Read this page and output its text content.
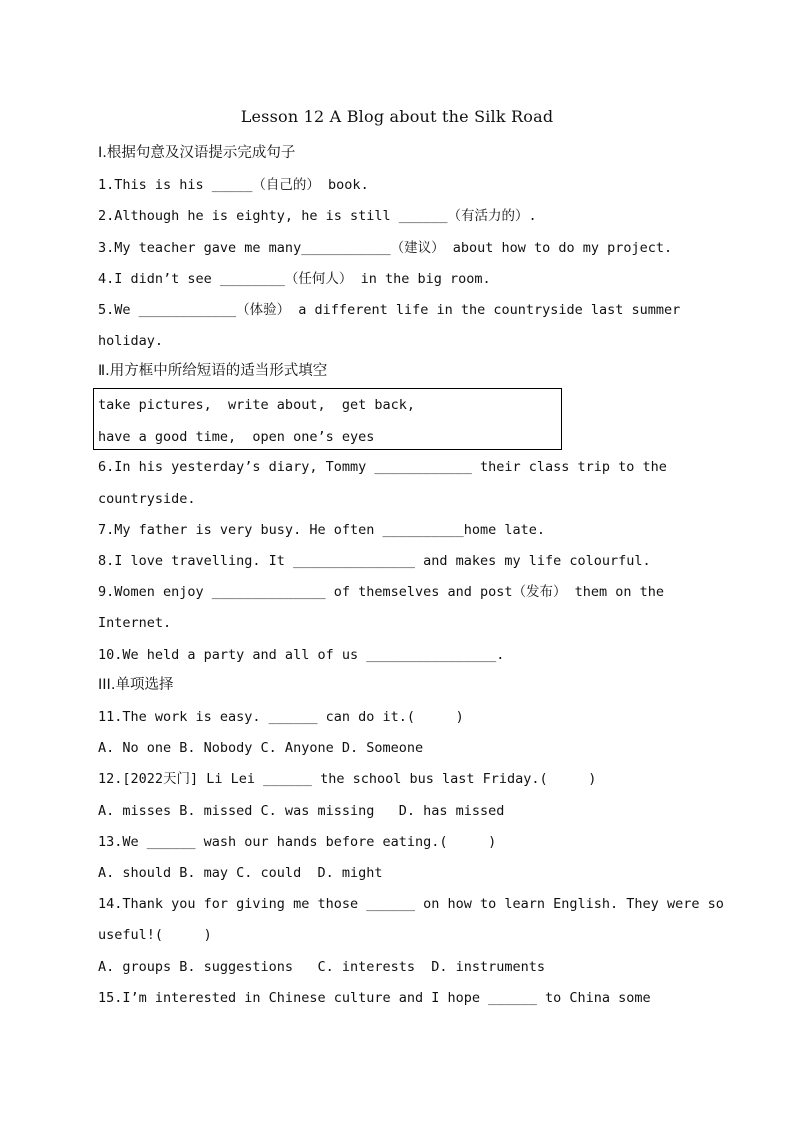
Lesson 12 A Blog about the Silk Road
Ⅰ.根据句意及汉语提示完成句子
1.This is his _____（自己的） book.
2.Although he is eighty, he is still ______（有活力的）.
3.My teacher gave me many___________（建议） about how to do my project.
4.I didn’t see ________（任何人） in the big room.
5.We ____________（体验） a different life in the countryside last summer
holiday.
Ⅱ.用方框中所给短语的适当形式填空
take pictures,  write about,  get back,
have a good time,  open one’s eyes
6.In his yesterday’s diary, Tommy ____________ their class trip to the
countryside.
7.My father is very busy. He often __________home late.
8.I love travelling. It _______________ and makes my life colourful.
9.Women enjoy ______________ of themselves and post（发布） them on the
Internet.
10.We held a party and all of us ________________.
III.单项选择
11.The work is easy. ______ can do it.(     )
A. No one B. Nobody C. Anyone D. Someone
12.[2022天门] Li Lei ______ the school bus last Friday.(     )
A. misses B. missed C. was missing   D. has missed
13.We ______ wash our hands before eating.(     )
A. should B. may C. could  D. might
14.Thank you for giving me those ______ on how to learn English. They were so
useful!(     )
A. groups B. suggestions   C. interests  D. instruments
15.I’m interested in Chinese culture and I hope ______ to China some
